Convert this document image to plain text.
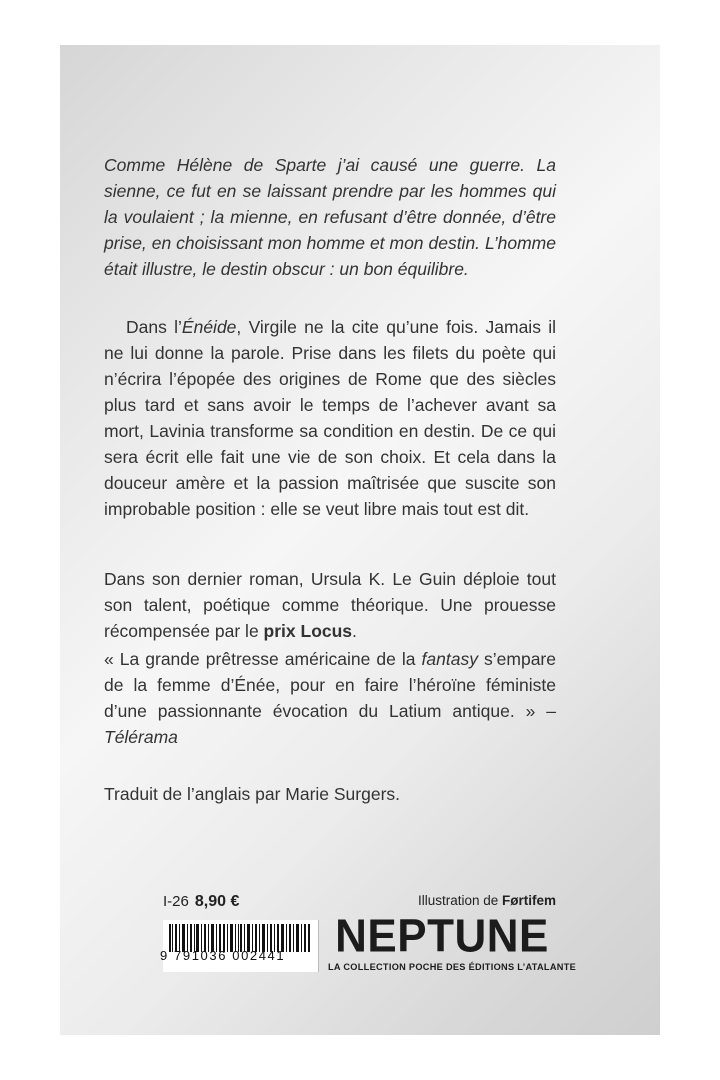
Comme Hélène de Sparte j’ai causé une guerre. La sienne, ce fut en se laissant prendre par les hommes qui la voulaient ; la mienne, en refusant d’être donnée, d’être prise, en choisissant mon homme et mon destin. L’homme était illustre, le destin obscur : un bon équilibre.
Dans l’Énéide, Virgile ne la cite qu’une fois. Jamais il ne lui donne la parole. Prise dans les filets du poète qui n’écrira l’épopée des origines de Rome que des siècles plus tard et sans avoir le temps de l’achever avant sa mort, Lavinia transforme sa condition en destin. De ce qui sera écrit elle fait une vie de son choix. Et cela dans la douceur amère et la passion maîtrisée que suscite son improbable position : elle se veut libre mais tout est dit.
Dans son dernier roman, Ursula K. Le Guin déploie tout son talent, poétique comme théorique. Une prouesse récompensée par le prix Locus.
« La grande prêtresse américaine de la fantasy s’empare de la femme d’Énée, pour en faire l’héroïne féministe d’une passionnante évocation du Latium antique. » – Télérama
Traduit de l’anglais par Marie Surgers.
I-26 8,90 €	Illustration de Førtifem
9 791036 002441	NEPTUNE
LA COLLECTION POCHE DES ÉDITIONS L’ATALANTE
